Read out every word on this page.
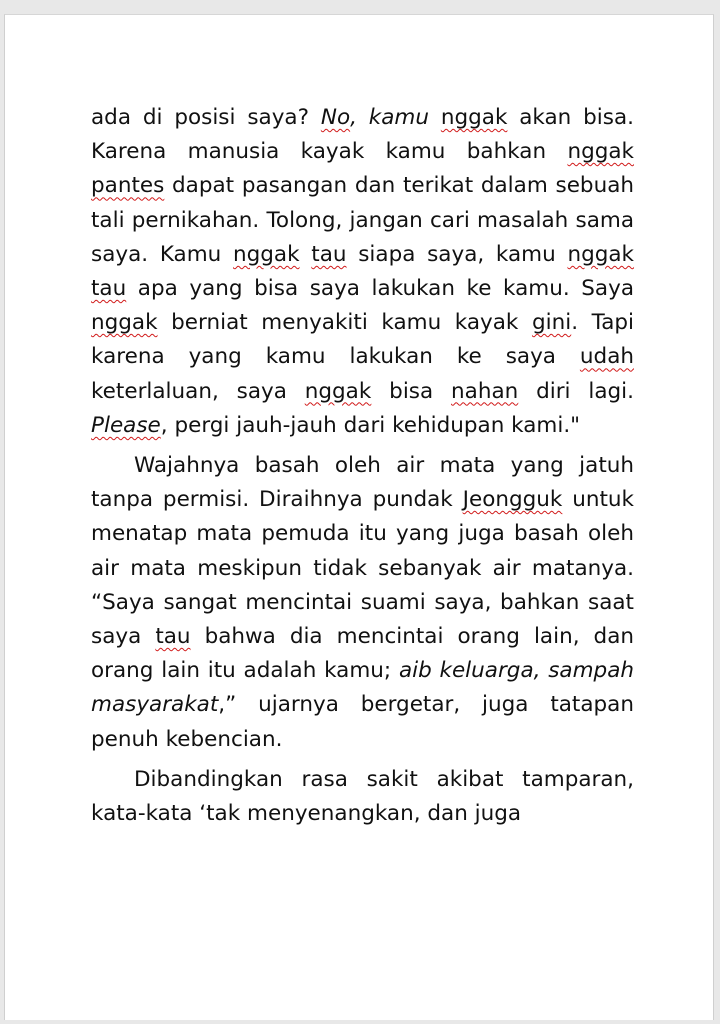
ada di posisi saya? No, kamu nggak akan bisa. Karena manusia kayak kamu bahkan nggak pantes dapat pasangan dan terikat dalam sebuah tali pernikahan. Tolong, jangan cari masalah sama saya. Kamu nggak tau siapa saya, kamu nggak tau apa yang bisa saya lakukan ke kamu. Saya nggak berniat menyakiti kamu kayak gini. Tapi karena yang kamu lakukan ke saya udah keterlaluan, saya nggak bisa nahan diri lagi. Please, pergi jauh-jauh dari kehidupan kami."

Wajahnya basah oleh air mata yang jatuh tanpa permisi. Diraihnya pundak Jeongguk untuk menatap mata pemuda itu yang juga basah oleh air mata meskipun tidak sebanyak air matanya. “Saya sangat mencintai suami saya, bahkan saat saya tau bahwa dia mencintai orang lain, dan orang lain itu adalah kamu; aib keluarga, sampah masyarakat,” ujarnya bergetar, juga tatapan penuh kebencian.

Dibandingkan rasa sakit akibat tamparan, kata-kata ‘tak menyenangkan, dan juga
